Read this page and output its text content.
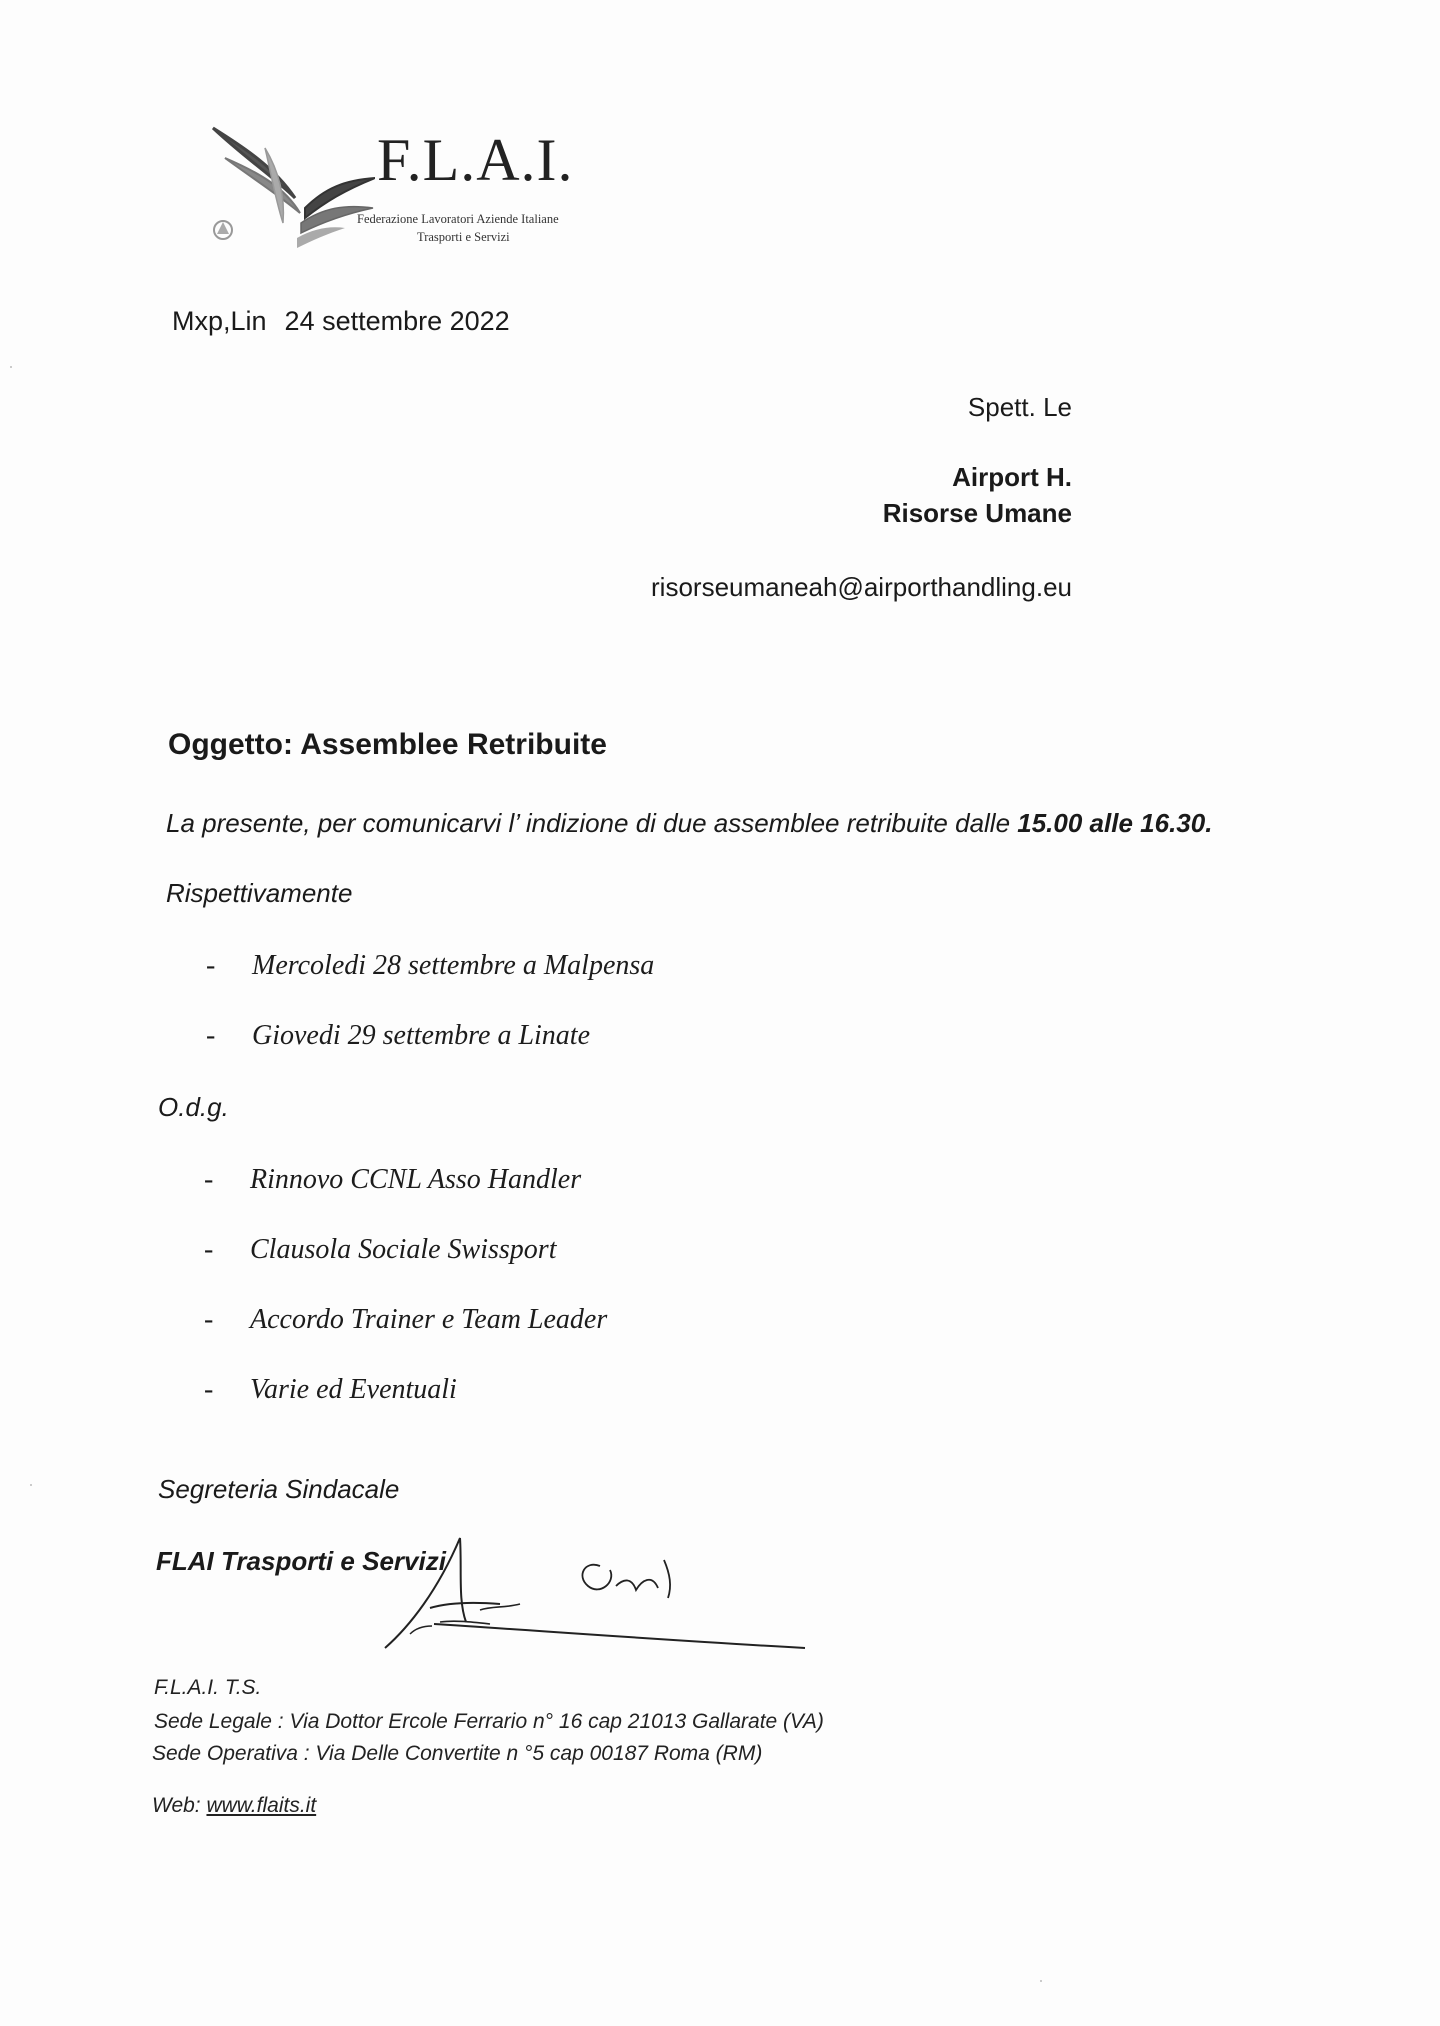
F.L.A.I.
Federazione Lavoratori Aziende Italiane
Trasporti e Servizi
Mxp,Lin 24 settembre 2022
Spett. Le
Airport H.
Risorse Umane
risorseumaneah@airporthandling.eu
Oggetto: Assemblee Retribuite
La presente, per comunicarvi l’ indizione di due assemblee retribuite dalle 15.00 alle 16.30.
Rispettivamente
- Mercoledi 28 settembre a Malpensa
- Giovedi 29 settembre a Linate
O.d.g.
- Rinnovo CCNL Asso Handler
- Clausola Sociale Swissport
- Accordo Trainer e Team Leader
- Varie ed Eventuali
Segreteria Sindacale
FLAI Trasporti e Servizi
F.L.A.I. T.S.
Sede Legale : Via Dottor Ercole Ferrario n° 16 cap 21013 Gallarate (VA)
Sede Operativa : Via Delle Convertite n °5 cap 00187 Roma (RM)
Web: www.flaits.it
